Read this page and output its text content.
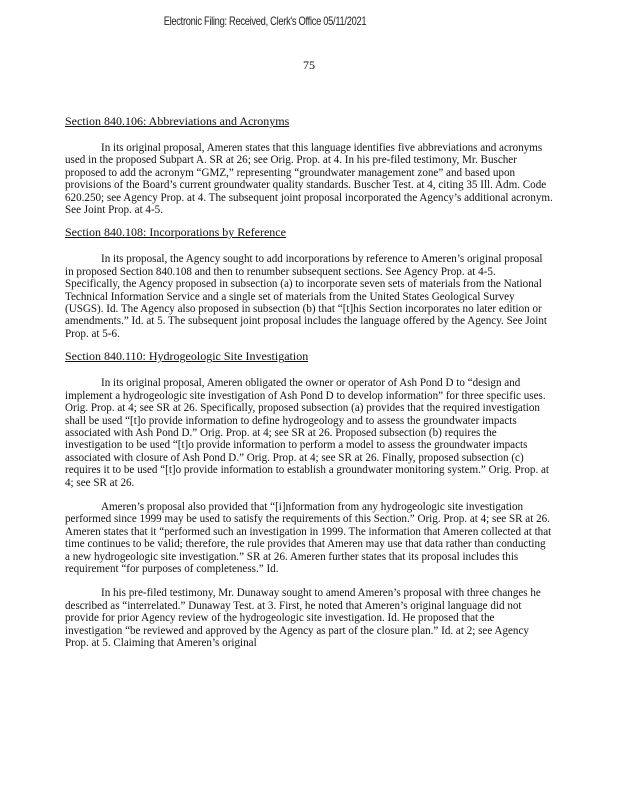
Electronic Filing: Received, Clerk's Office 05/11/2021
75
Section 840.106: Abbreviations and Acronyms

In its original proposal, Ameren states that this language identifies five abbreviations and acronyms used in the proposed Subpart A. SR at 26; see Orig. Prop. at 4. In his pre-filed testimony, Mr. Buscher proposed to add the acronym “GMZ,” representing “groundwater management zone” and based upon provisions of the Board’s current groundwater quality standards. Buscher Test. at 4, citing 35 Ill. Adm. Code 620.250; see Agency Prop. at 4. The subsequent joint proposal incorporated the Agency’s additional acronym. See Joint Prop. at 4-5.

Section 840.108: Incorporations by Reference

In its proposal, the Agency sought to add incorporations by reference to Ameren’s original proposal in proposed Section 840.108 and then to renumber subsequent sections. See Agency Prop. at 4-5. Specifically, the Agency proposed in subsection (a) to incorporate seven sets of materials from the National Technical Information Service and a single set of materials from the United States Geological Survey (USGS). Id. The Agency also proposed in subsection (b) that “[t]his Section incorporates no later edition or amendments.” Id. at 5. The subsequent joint proposal includes the language offered by the Agency. See Joint Prop. at 5-6.

Section 840.110: Hydrogeologic Site Investigation

In its original proposal, Ameren obligated the owner or operator of Ash Pond D to “design and implement a hydrogeologic site investigation of Ash Pond D to develop information” for three specific uses. Orig. Prop. at 4; see SR at 26. Specifically, proposed subsection (a) provides that the required investigation shall be used “[t]o provide information to define hydrogeology and to assess the groundwater impacts associated with Ash Pond D.” Orig. Prop. at 4; see SR at 26. Proposed subsection (b) requires the investigation to be used “[t]o provide information to perform a model to assess the groundwater impacts associated with closure of Ash Pond D.” Orig. Prop. at 4; see SR at 26. Finally, proposed subsection (c) requires it to be used “[t]o provide information to establish a groundwater monitoring system.” Orig. Prop. at 4; see SR at 26.

Ameren’s proposal also provided that “[i]nformation from any hydrogeologic site investigation performed since 1999 may be used to satisfy the requirements of this Section.” Orig. Prop. at 4; see SR at 26. Ameren states that it “performed such an investigation in 1999. The information that Ameren collected at that time continues to be valid; therefore, the rule provides that Ameren may use that data rather than conducting a new hydrogeologic site investigation.” SR at 26. Ameren further states that its proposal includes this requirement “for purposes of completeness.” Id.

In his pre-filed testimony, Mr. Dunaway sought to amend Ameren’s proposal with three changes he described as “interrelated.” Dunaway Test. at 3. First, he noted that Ameren’s original language did not provide for prior Agency review of the hydrogeologic site investigation. Id. He proposed that the investigation “be reviewed and approved by the Agency as part of the closure plan.” Id. at 2; see Agency Prop. at 5. Claiming that Ameren’s original
